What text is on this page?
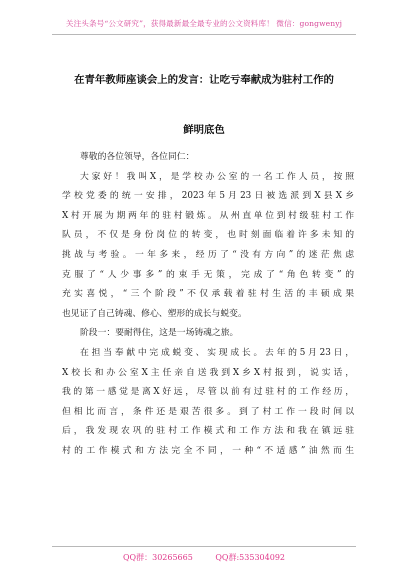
关注头条号“公文研究”，获得最新最全最专业的公文资料库！ 微信：gongwenyj
在青年教师座谈会上的发言：让吃亏奉献成为驻村工作的
鲜明底色
尊敬的各位领导，各位同仁：
大家好！我叫X，是学校办公室的一名工作人员，按照
学校党委的统一安排，2023年5月23日被选派到X县X乡
X村开展为期两年的驻村锻炼。从州直单位到村级驻村工作
队员，不仅是身份岗位的转变，也时刻面临着许多未知的
挑战与考验。一年多来，经历了“没有方向”的迷茫焦虑
克服了“人少事多”的束手无策，完成了“角色转变”的
充实喜悦，“三个阶段”不仅承载着驻村生活的丰硕成果
也见证了自己铸魂、修心、塑形的成长与蜕变。
阶段一：要耐得住，这是一场铸魂之旅。
在担当奉献中完成蜕变、实现成长。去年的5月23日，
X校长和办公室X主任亲自送我到X乡X村报到，说实话，
我的第一感觉是离X好远，尽管以前有过驻村的工作经历，
但相比而言，条件还是艰苦很多。到了村工作一段时间以
后，我发现农巩的驻村工作模式和工作方法和我在镇远驻
村的工作模式和方法完全不同，一种“不适感”油然而生
QQ群：30265665	QQ群:535304092
